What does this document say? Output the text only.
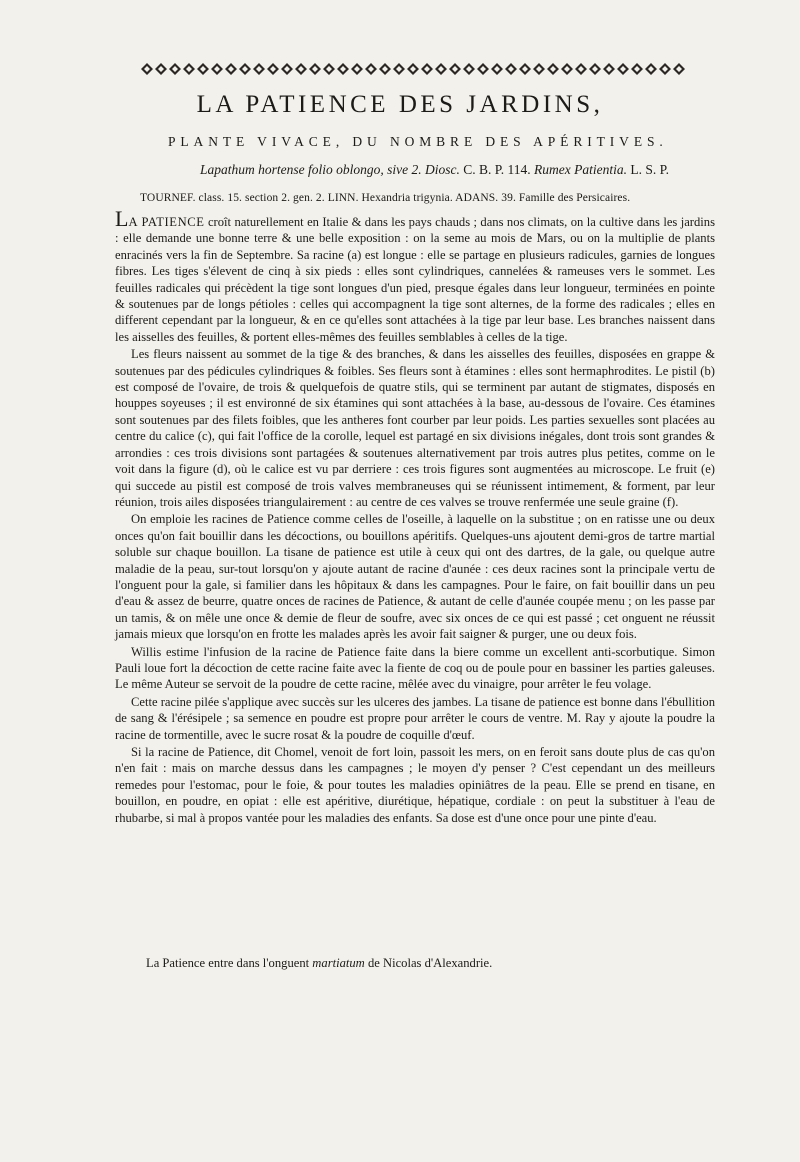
LA PATIENCE DES JARDINS,
PLANTE VIVACE, DU NOMBRE DES APÉRITIVES.
Lapathum hortense folio oblongo, sive 2. Diosc. C. B. P. 114. Rumex Patientia. L. S. P.
TOURNEF. class. 15. section 2. gen. 2. LINN. Hexandria trigynia. ADANS. 39. Famille des Persicaires.

LA PATIENCE croît naturellement en Italie & dans les pays chauds ; dans nos climats, on la cultive dans les jardins : elle demande une bonne terre & une belle exposition : on la seme au mois de Mars, ou on la multiplie de plants enracinés vers la fin de Septembre. Sa racine (a) est longue : elle se partage en plusieurs radicules, garnies de longues fibres. Les tiges s'élevent de cinq à six pieds : elles sont cylindriques, cannelées & rameuses vers le sommet. Les feuilles radicales qui précèdent la tige sont longues d'un pied, presque égales dans leur longueur, terminées en pointe & soutenues par de longs pétioles : celles qui accompagnent la tige sont alternes, de la forme des radicales ; elles en different cependant par la longueur, & en ce qu'elles sont attachées à la tige par leur base. Les branches naissent dans les aisselles des feuilles, & portent elles-mêmes des feuilles semblables à celles de la tige.

Les fleurs naissent au sommet de la tige & des branches, & dans les aisselles des feuilles, disposées en grappe & soutenues par des pédicules cylindriques & foibles. Ses fleurs sont à étamines : elles sont hermaphrodites. Le pistil (b) est composé de l'ovaire, de trois & quelquefois de quatre stils, qui se terminent par autant de stigmates, disposés en houppes soyeuses ; il est environné de six étamines qui sont attachées à la base, au-dessous de l'ovaire. Ces étamines sont soutenues par des filets foibles, que les antheres font courber par leur poids. Les parties sexuelles sont placées au centre du calice (c), qui fait l'office de la corolle, lequel est partagé en six divisions inégales, dont trois sont grandes & arrondies : ces trois divisions sont partagées & soutenues alternativement par trois autres plus petites, comme on le voit dans la figure (d), où le calice est vu par derriere : ces trois figures sont augmentées au microscope. Le fruit (e) qui succede au pistil est composé de trois valves membraneuses qui se réunissent intimement, & forment, par leur réunion, trois ailes disposées triangulairement : au centre de ces valves se trouve renfermée une seule graine (f).

On emploie les racines de Patience comme celles de l'oseille, à laquelle on la substitue ; on en ratisse une ou deux onces qu'on fait bouillir dans les décoctions, ou bouillons apéritifs. Quelques-uns ajoutent demi-gros de tartre martial soluble sur chaque bouillon. La tisane de patience est utile à ceux qui ont des dartres, de la gale, ou quelque autre maladie de la peau, sur-tout lorsqu'on y ajoute autant de racine d'aunée : ces deux racines sont la principale vertu de l'onguent pour la gale, si familier dans les hôpitaux & dans les campagnes. Pour le faire, on fait bouillir dans un peu d'eau & assez de beurre, quatre onces de racines de Patience, & autant de celle d'aunée coupée menu ; on les passe par un tamis, & on mêle une once & demie de fleur de soufre, avec six onces de ce qui est passé ; cet onguent ne réussit jamais mieux que lorsqu'on en frotte les malades après les avoir fait saigner & purger, une ou deux fois.

Willis estime l'infusion de la racine de Patience faite dans la biere comme un excellent anti-scorbutique. Simon Pauli loue fort la décoction de cette racine faite avec la fiente de coq ou de poule pour en bassiner les parties galeuses. Le même Auteur se servoit de la poudre de cette racine, mêlée avec du vinaigre, pour arrêter le feu volage.

Cette racine pilée s'applique avec succès sur les ulceres des jambes. La tisane de patience est bonne dans l'ébullition de sang & l'érésipele ; sa semence en poudre est propre pour arrêter le cours de ventre. M. Ray y ajoute la poudre la racine de tormentille, avec le sucre rosat & la poudre de coquille d'œuf.

Si la racine de Patience, dit Chomel, venoit de fort loin, passoit les mers, on en feroit sans doute plus de cas qu'on n'en fait : mais on marche dessus dans les campagnes ; le moyen d'y penser ? C'est cependant un des meilleurs remedes pour l'estomac, pour le foie, & pour toutes les maladies opiniâtres de la peau. Elle se prend en tisane, en bouillon, en poudre, en opiat : elle est apéritive, diurétique, hépatique, cordiale : on peut la substituer à l'eau de rhubarbe, si mal à propos vantée pour les maladies des enfants. Sa dose est d'une once pour une pinte d'eau.

La Patience entre dans l'onguent martiatum de Nicolas d'Alexandrie.
